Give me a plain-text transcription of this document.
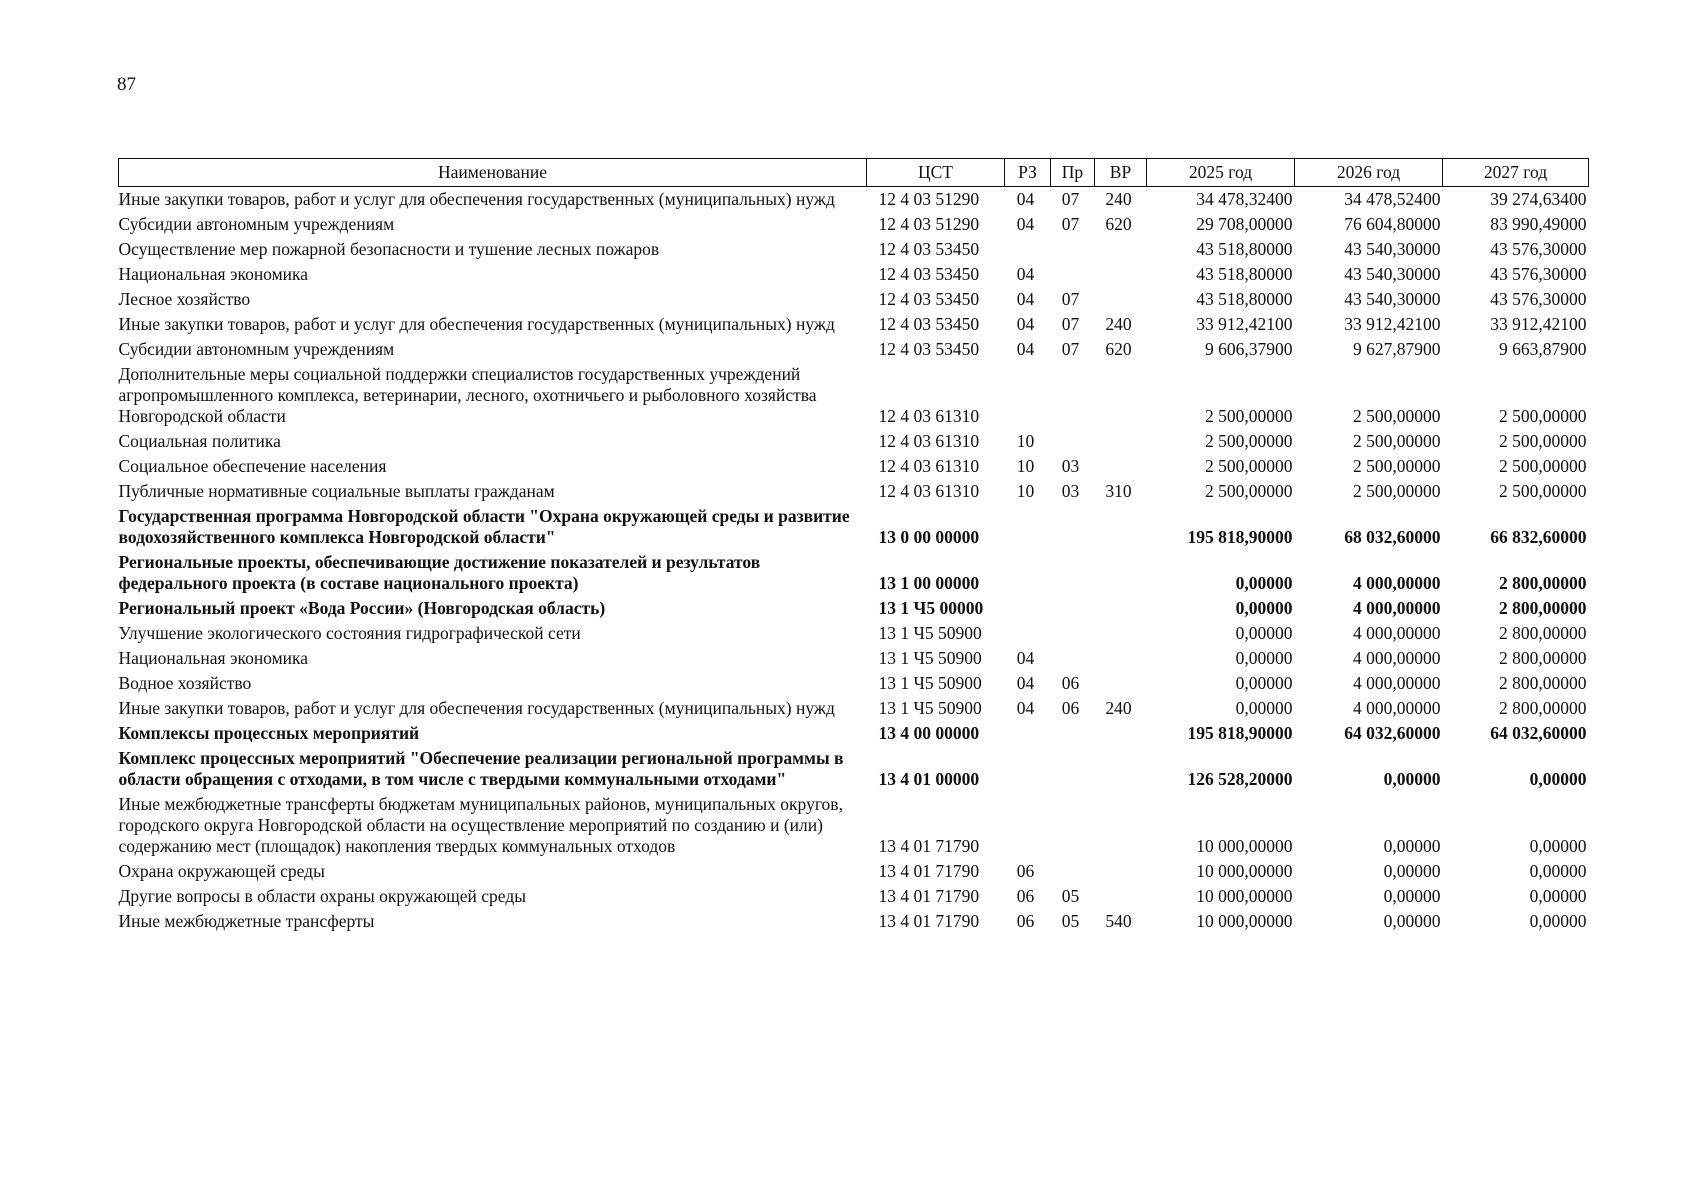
87
Наименование	ЦСТ	РЗ	Пр	ВР	2025 год	2026 год	2027 год
Иные закупки товаров, работ и услуг для обеспечения государственных (муниципальных) нужд	12 4 03 51290	04	07	240	34 478,32400	34 478,52400	39 274,63400
Субсидии автономным учреждениям	12 4 03 51290	04	07	620	29 708,00000	76 604,80000	83 990,49000
Осуществление мер пожарной безопасности и тушение лесных пожаров	12 4 03 53450				43 518,80000	43 540,30000	43 576,30000
Национальная экономика	12 4 03 53450	04			43 518,80000	43 540,30000	43 576,30000
Лесное хозяйство	12 4 03 53450	04	07		43 518,80000	43 540,30000	43 576,30000
Иные закупки товаров, работ и услуг для обеспечения государственных (муниципальных) нужд	12 4 03 53450	04	07	240	33 912,42100	33 912,42100	33 912,42100
Субсидии автономным учреждениям	12 4 03 53450	04	07	620	9 606,37900	9 627,87900	9 663,87900
Дополнительные меры социальной поддержки специалистов государственных учреждений агропромышленного комплекса, ветеринарии, лесного, охотничьего и рыболовного хозяйства Новгородской области	12 4 03 61310				2 500,00000	2 500,00000	2 500,00000
Социальная политика	12 4 03 61310	10			2 500,00000	2 500,00000	2 500,00000
Социальное обеспечение населения	12 4 03 61310	10	03		2 500,00000	2 500,00000	2 500,00000
Публичные нормативные социальные выплаты гражданам	12 4 03 61310	10	03	310	2 500,00000	2 500,00000	2 500,00000
Государственная программа Новгородской области "Охрана окружающей среды и развитие водохозяйственного комплекса Новгородской области"	13 0 00 00000				195 818,90000	68 032,60000	66 832,60000
Региональные проекты, обеспечивающие достижение показателей и результатов федерального проекта (в составе национального проекта)	13 1 00 00000				0,00000	4 000,00000	2 800,00000
Региональный проект «Вода России» (Новгородская область)	13 1 Ч5 00000				0,00000	4 000,00000	2 800,00000
Улучшение экологического состояния гидрографической сети	13 1 Ч5 50900				0,00000	4 000,00000	2 800,00000
Национальная экономика	13 1 Ч5 50900	04			0,00000	4 000,00000	2 800,00000
Водное хозяйство	13 1 Ч5 50900	04	06		0,00000	4 000,00000	2 800,00000
Иные закупки товаров, работ и услуг для обеспечения государственных (муниципальных) нужд	13 1 Ч5 50900	04	06	240	0,00000	4 000,00000	2 800,00000
Комплексы процессных мероприятий	13 4 00 00000				195 818,90000	64 032,60000	64 032,60000
Комплекс процессных мероприятий "Обеспечение реализации региональной программы в области обращения с отходами, в том числе с твердыми коммунальными отходами"	13 4 01 00000				126 528,20000	0,00000	0,00000
Иные межбюджетные трансферты бюджетам муниципальных районов, муниципальных округов, городского округа Новгородской области на осуществление мероприятий по созданию и (или) содержанию мест (площадок) накопления твердых коммунальных отходов	13 4 01 71790				10 000,00000	0,00000	0,00000
Охрана окружающей среды	13 4 01 71790	06			10 000,00000	0,00000	0,00000
Другие вопросы в области охраны окружающей среды	13 4 01 71790	06	05		10 000,00000	0,00000	0,00000
Иные межбюджетные трансферты	13 4 01 71790	06	05	540	10 000,00000	0,00000	0,00000
